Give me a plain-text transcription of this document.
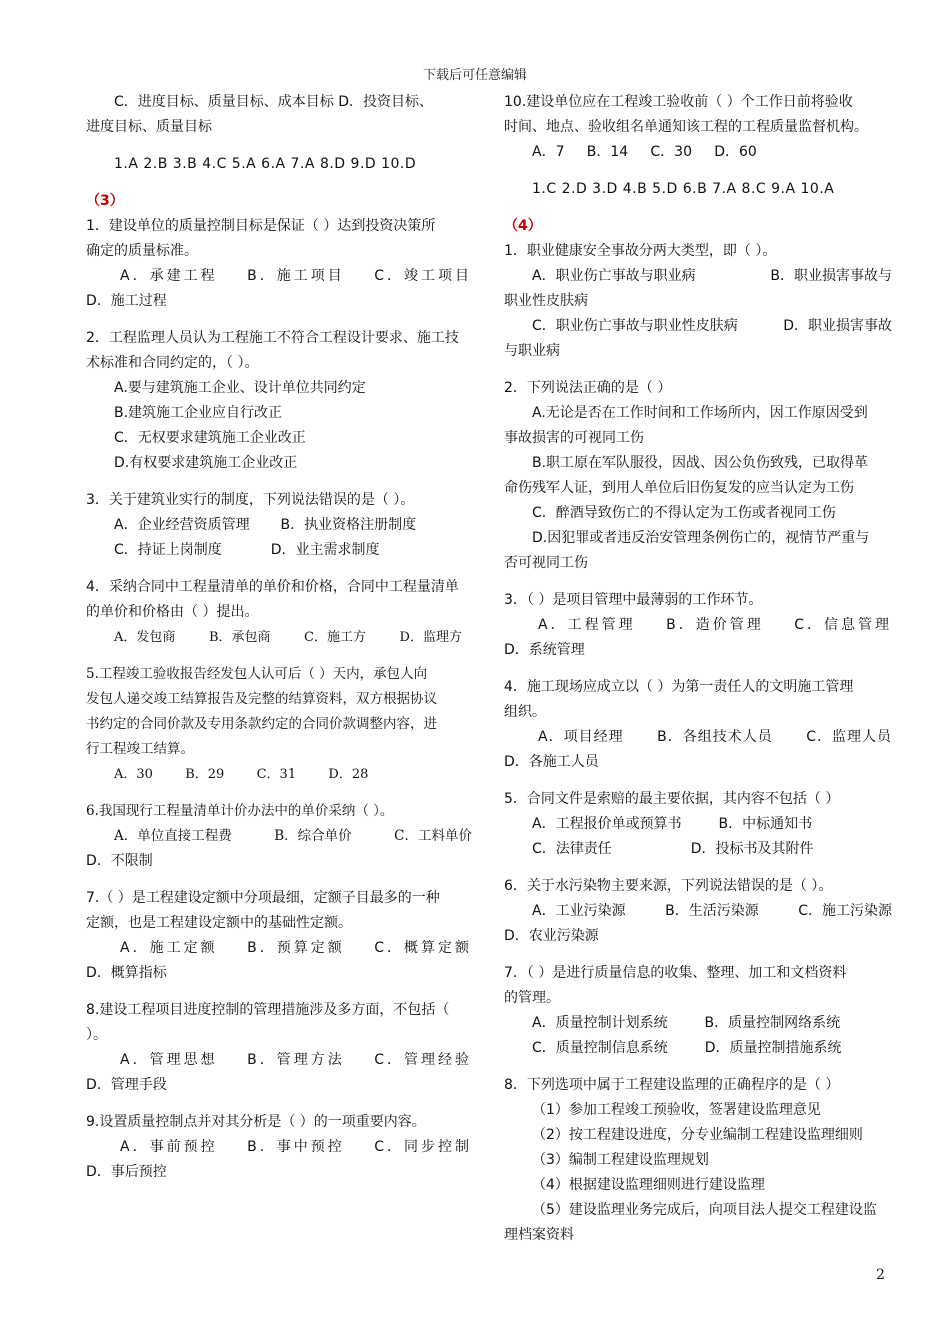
下载后可任意编辑
C．进度目标、质量目标、成本目标 D．投资目标、
进度目标、质量目标
1.A 2.B 3.B 4.C 5.A 6.A 7.A 8.D 9.D 10.D
（3）
1．建设单位的质量控制目标是保证（ ）达到投资决策所
确定的质量标准。
A．承建工程 B．施工项目 C．竣工项目
D．施工过程
2．工程监理人员认为工程施工不符合工程设计要求、施工技
术标准和合同约定的，（ ）。
A.要与建筑施工企业、设计单位共同约定
B.建筑施工企业应自行改正
C．无权要求建筑施工企业改正
D.有权要求建筑施工企业改正
3．关于建筑业实行的制度，下列说法错误的是（ ）。
A．企业经营资质管理 B．执业资格注册制度
C．持证上岗制度	D．业主需求制度
4．采纳合同中工程量清单的单价和价格，合同中工程量清单
的单价和价格由（ ）提出。
A．发包商	B．承包商	C．施工方	D．监理方
5.工程竣工验收报告经发包人认可后（ ）天内，承包人向
发包人递交竣工结算报告及完整的结算资料，双方根据协议
书约定的合同价款及专用条款约定的合同价款调整内容，进
行工程竣工结算。
A．30 B．29 C．31 D．28
6.我国现行工程量清单计价办法中的单价采纳（ ）。
A．单位直接工程费	B．综合单价	C．工料单价
D．不限制
7.（ ）是工程建设定额中分项最细，定额子目最多的一种
定额，也是工程建设定额中的基础性定额。
A．施工定额 B．预算定额 C．概算定额
D．概算指标
8.建设工程项目进度控制的管理措施涉及多方面，不包括（
）。
A．管理思想 B．管理方法 C．管理经验
D．管理手段
9.设置质量控制点并对其分析是（ ）的一项重要内容。
A．事前预控 B．事中预控 C．同步控制
D．事后预控
10.建设单位应在工程竣工验收前（ ）个工作日前将验收
时间、地点、验收组名单通知该工程的工程质量监督机构。
A．7     B．14     C．30     D．60
1.C 2.D 3.D 4.B 5.D 6.B 7.A 8.C 9.A 10.A
（4）
1．职业健康安全事故分两大类型，即（ ）。
A．职业伤亡事故与职业病	B．职业损害事故与
职业性皮肤病
C．职业伤亡事故与职业性皮肤病	D．职业损害事故
与职业病
2．下列说法正确的是（ ）
A.无论是否在工作时间和工作场所内，因工作原因受到
事故损害的可视同工伤
B.职工原在军队服役，因战、因公负伤致残，已取得革
命伤残军人证，到用人单位后旧伤复发的应当认定为工伤
C．醉酒导致伤亡的不得认定为工伤或者视同工伤
D.因犯罪或者违反治安管理条例伤亡的，视情节严重与
否可视同工伤
3．（ ）是项目管理中最薄弱的工作环节。
A．工程管理 B．造价管理 C．信息管理
D．系统管理
4．施工现场应成立以（ ）为第一责任人的文明施工管理
组织。
A．项目经理 B．各组技术人员 C．监理人员
D．各施工人员
5．合同文件是索赔的最主要依据，其内容不包括（ ）
A．工程报价单或预算书	B．中标通知书
C．法律责任	D．投标书及其附件
6．关于水污染物主要来源，下列说法错误的是（ ）。
A．工业污染源	B．生活污染源	C．施工污染源
D．农业污染源
7．（ ）是进行质量信息的收集、整理、加工和文档资料
的管理。
A．质量控制计划系统	B．质量控制网络系统
C．质量控制信息系统	D．质量控制措施系统
8．下列选项中属于工程建设监理的正确程序的是（ ）
（1）参加工程竣工预验收，签署建设监理意见
（2）按工程建设进度，分专业编制工程建设监理细则
（3）编制工程建设监理规划
（4）根据建设监理细则进行建设监理
（5）建设监理业务完成后，向项目法人提交工程建设监
理档案资料
2
